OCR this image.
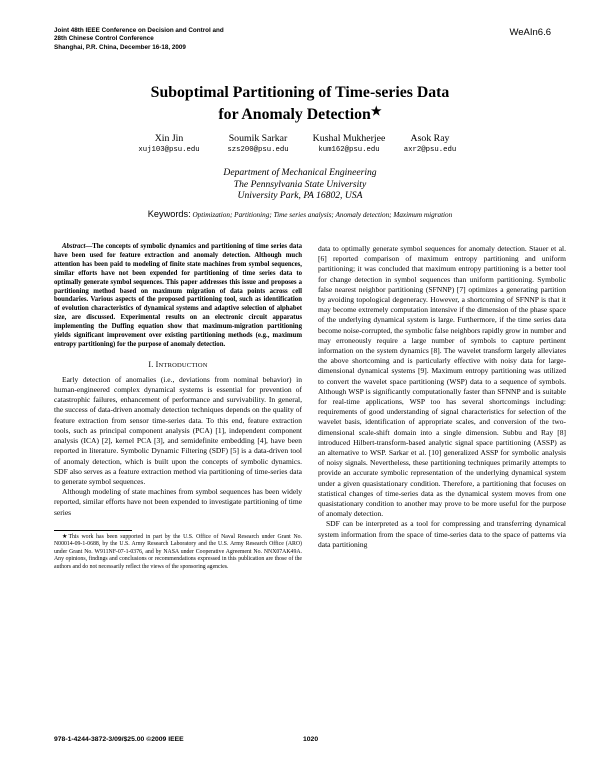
Joint 48th IEEE Conference on Decision and Control and
28th Chinese Control Conference
Shanghai, P.R. China, December 16-18, 2009
WeAIn6.6
Suboptimal Partitioning of Time-series Data
for Anomaly Detection★
Xin Jin
xuj103@psu.edu
Soumik Sarkar
szs200@psu.edu
Kushal Mukherjee
kum162@psu.edu
Asok Ray
axr2@psu.edu
Department of Mechanical Engineering
The Pennsylvania State University
University Park, PA 16802, USA
Keywords: Optimization; Partitioning; Time series analysis; Anomaly detection; Maximum migration

Abstract—The concepts of symbolic dynamics and partitioning of time series data have been used for feature extraction and anomaly detection. Although much attention has been paid to modeling of finite state machines from symbol sequences, similar efforts have not been expended for partitioning of time series data to optimally generate symbol sequences. This paper addresses this issue and proposes a partitioning method based on maximum migration of data points across cell boundaries. Various aspects of the proposed partitioning tool, such as identification of evolution characteristics of dynamical systems and adaptive selection of alphabet size, are discussed. Experimental results on an electronic circuit apparatus implementing the Duffing equation show that maximum-migration partitioning yields significant improvement over existing partitioning methods (e.g., maximum entropy partitioning) for the purpose of anomaly detection.

I. INTRODUCTION

Early detection of anomalies (i.e., deviations from nominal behavior) in human-engineered complex dynamical systems is essential for prevention of catastrophic failures, enhancement of performance and survivability. In general, the success of data-driven anomaly detection techniques depends on the quality of feature extraction from sensor time-series data. To this end, feature extraction tools, such as principal component analysis (PCA) [1], independent component analysis (ICA) [2], kernel PCA [3], and semidefinite embedding [4], have been reported in literature. Symbolic Dynamic Filtering (SDF) [5] is a data-driven tool of anomaly detection, which is built upon the concepts of symbolic dynamics. SDF also serves as a feature extraction method via partitioning of time-series data to generate symbol sequences.

Although modeling of state machines from symbol sequences has been widely reported, similar efforts have not been expended to investigate partitioning of time series

★This work has been supported in part by the U.S. Office of Naval Research under Grant No. N00014-09-1-0688, by the U.S. Army Research Laboratory and the U.S. Army Research Office (ARO) under Grant No. W911NF-07-1-0376, and by NASA under Cooperative Agreement No. NNX07AK49A. Any opinions, findings and conclusions or recommendations expressed in this publication are those of the authors and do not necessarily reflect the views of the sponsoring agencies.

data to optimally generate symbol sequences for anomaly detection. Stauer et al. [6] reported comparison of maximum entropy partitioning and uniform partitioning; it was concluded that maximum entropy partitioning is a better tool for change detection in symbol sequences than uniform partitioning. Symbolic false nearest neighbor partitioning (SFNNP) [7] optimizes a generating partition by avoiding topological degeneracy. However, a shortcoming of SFNNP is that it may become extremely computation intensive if the dimension of the phase space of the underlying dynamical system is large. Furthermore, if the time series data become noise-corrupted, the symbolic false neighbors rapidly grow in number and may erroneously require a large number of symbols to capture pertinent information on the system dynamics [8]. The wavelet transform largely alleviates the above shortcoming and is particularly effective with noisy data for large-dimensional dynamical systems [9]. Maximum entropy partitioning was utilized to convert the wavelet space partitioning (WSP) data to a sequence of symbols. Although WSP is significantly computationally faster than SFNNP and is suitable for real-time applications, WSP too has several shortcomings including: requirements of good understanding of signal characteristics for selection of the wavelet basis, identification of appropriate scales, and conversion of the two-dimensional scale-shift domain into a single dimension. Subbu and Ray [8] introduced Hilbert-transform-based analytic signal space partitioning (ASSP) as an alternative to WSP. Sarkar et al. [10] generalized ASSP for symbolic analysis of noisy signals. Nevertheless, these partitioning techniques primarily attempts to provide an accurate symbolic representation of the underlying dynamical system under a given quasistationary condition. Therefore, a partitioning that focuses on statistical changes of time-series data as the dynamical system moves from one quasistationary condition to another may prove to be more useful for the purpose of anomaly detection.

SDF can be interpreted as a tool for compressing and transferring dynamical system information from the space of time-series data to the space of patterns via data partitioning

978-1-4244-3872-3/09/$25.00 ©2009 IEEE	1020
